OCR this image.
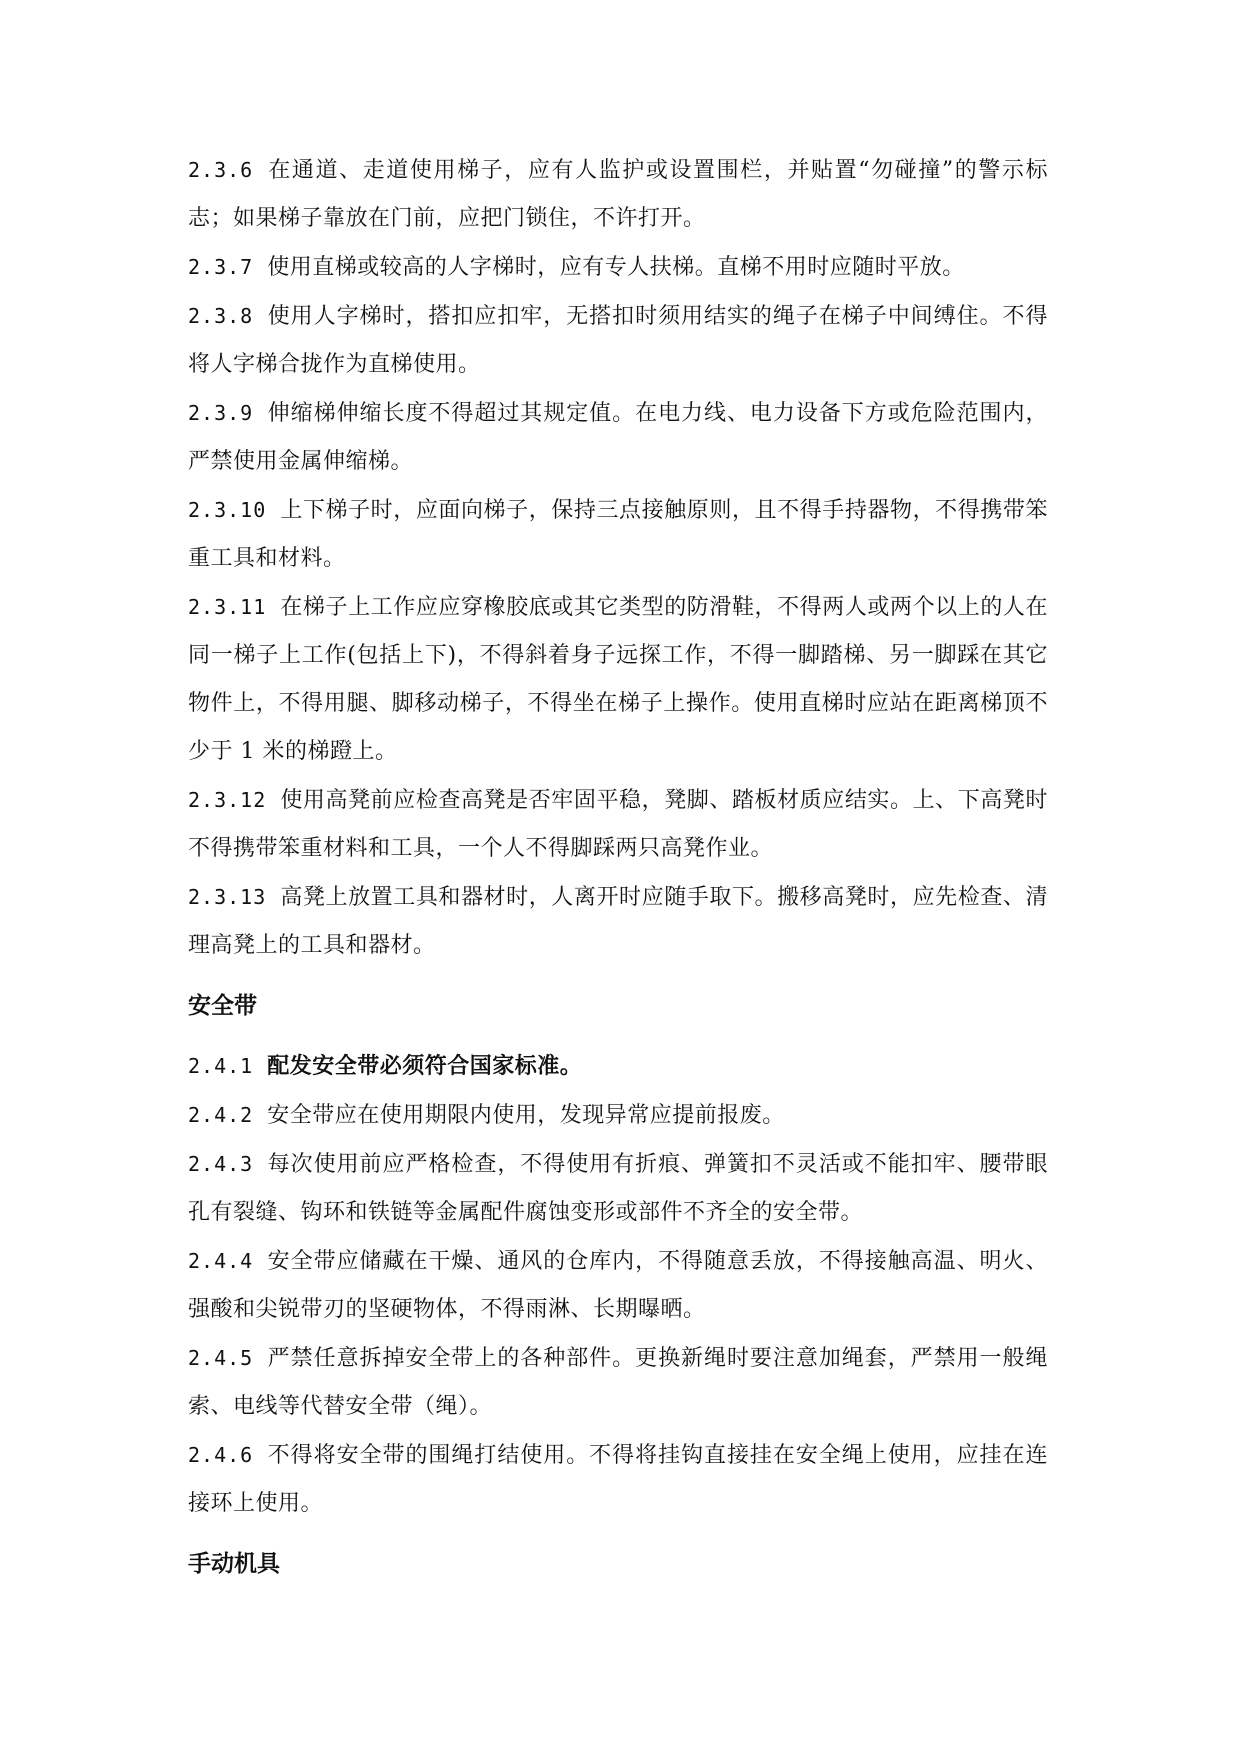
2.3.6 在通道、走道使用梯子，应有人监护或设置围栏，并贴置“勿碰撞”的警示标志；如果梯子靠放在门前，应把门锁住，不许打开。

2.3.7 使用直梯或较高的人字梯时，应有专人扶梯。直梯不用时应随时平放。

2.3.8 使用人字梯时，搭扣应扣牢，无搭扣时须用结实的绳子在梯子中间缚住。不得将人字梯合拢作为直梯使用。

2.3.9 伸缩梯伸缩长度不得超过其规定值。在电力线、电力设备下方或危险范围内，严禁使用金属伸缩梯。

2.3.10 上下梯子时，应面向梯子，保持三点接触原则，且不得手持器物，不得携带笨重工具和材料。

2.3.11 在梯子上工作应应穿橡胶底或其它类型的防滑鞋，不得两人或两个以上的人在同一梯子上工作(包括上下)，不得斜着身子远探工作，不得一脚踏梯、另一脚踩在其它物件上，不得用腿、脚移动梯子，不得坐在梯子上操作。使用直梯时应站在距离梯顶不少于 1 米的梯蹬上。

2.3.12 使用高凳前应检查高凳是否牢固平稳，凳脚、踏板材质应结实。上、下高凳时不得携带笨重材料和工具，一个人不得脚踩两只高凳作业。

2.3.13 高凳上放置工具和器材时，人离开时应随手取下。搬移高凳时，应先检查、清理高凳上的工具和器材。

安全带

2.4.1 配发安全带必须符合国家标准。

2.4.2 安全带应在使用期限内使用，发现异常应提前报废。

2.4.3 每次使用前应严格检查，不得使用有折痕、弹簧扣不灵活或不能扣牢、腰带眼孔有裂缝、钩环和铁链等金属配件腐蚀变形或部件不齐全的安全带。

2.4.4 安全带应储藏在干燥、通风的仓库内，不得随意丢放，不得接触高温、明火、强酸和尖锐带刃的坚硬物体，不得雨淋、长期曝晒。

2.4.5 严禁任意拆掉安全带上的各种部件。更换新绳时要注意加绳套，严禁用一般绳索、电线等代替安全带（绳）。

2.4.6 不得将安全带的围绳打结使用。不得将挂钩直接挂在安全绳上使用，应挂在连接环上使用。

手动机具
